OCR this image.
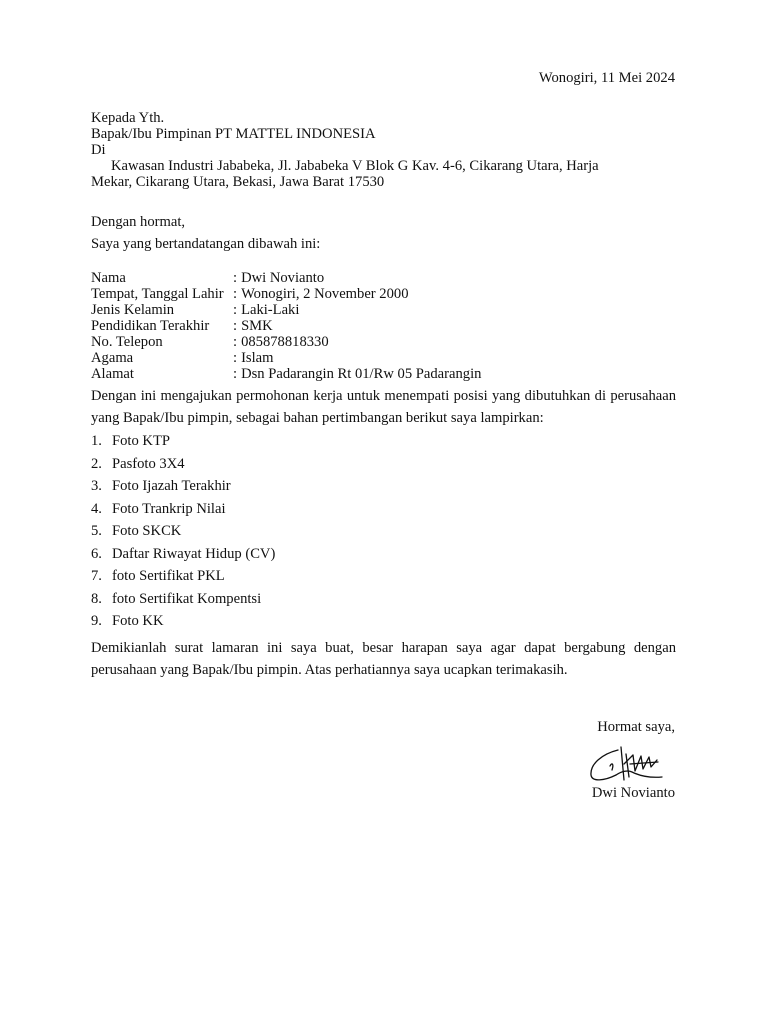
Wonogiri, 11 Mei 2024
Kepada Yth.
Bapak/Ibu Pimpinan PT MATTEL INDONESIA
Di
Kawasan Industri Jababeka, Jl. Jababeka V Blok G Kav. 4-6, Cikarang Utara, Harja
Mekar, Cikarang Utara, Bekasi, Jawa Barat 17530
Dengan hormat,
Saya yang bertandatangan dibawah ini:
Nama	:	Dwi Novianto
Tempat, Tanggal Lahir	:	Wonogiri, 2 November 2000
Jenis Kelamin	:	Laki-Laki
Pendidikan Terakhir	:	SMK
No. Telepon	:	085878818330
Agama	:	Islam
Alamat	:	Dsn Padarangin Rt 01/Rw 05 Padarangin
Dengan ini mengajukan permohonan kerja untuk menempati posisi yang dibutuhkan di perusahaan yang Bapak/Ibu pimpin, sebagai bahan pertimbangan berikut saya lampirkan:
1. Foto KTP
2. Pasfoto 3X4
3. Foto Ijazah Terakhir
4. Foto Trankrip Nilai
5. Foto SKCK
6. Daftar Riwayat Hidup (CV)
7. foto Sertifikat PKL
8. foto Sertifikat Kompentsi
9. Foto KK
Demikianlah surat lamaran ini saya buat, besar harapan saya agar dapat bergabung dengan perusahaan yang Bapak/Ibu pimpin. Atas perhatiannya saya ucapkan terimakasih.
Hormat saya,
Dwi Novianto
